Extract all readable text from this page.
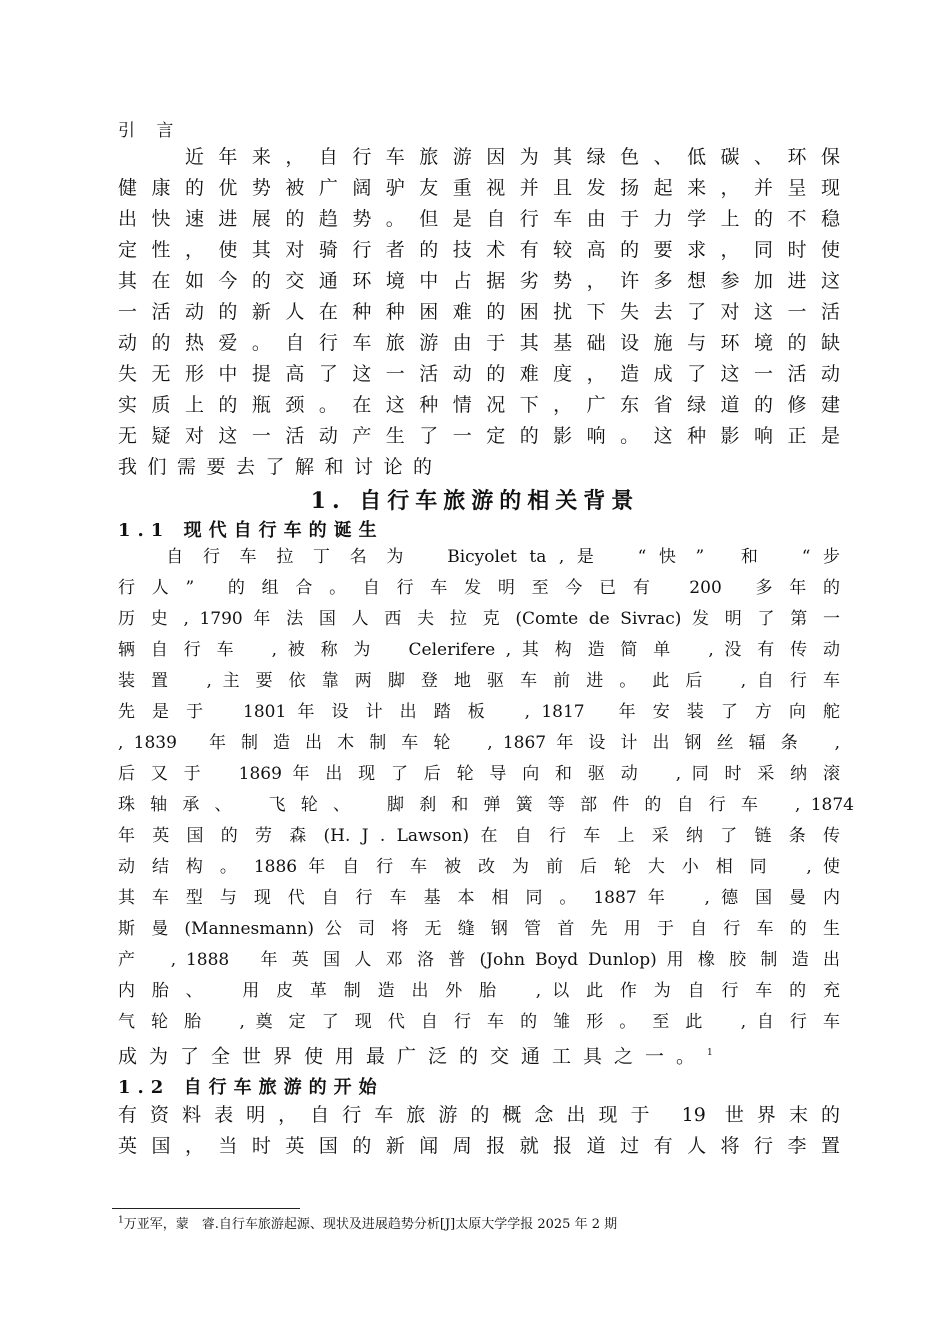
引 言
　　近年来，自行车旅游因为其绿色、低碳、环保
健康的优势被广阔驴友重视并且发扬起来，并呈现
出快速进展的趋势。但是自行车由于力学上的不稳
定性，使其对骑行者的技术有较高的要求，同时使
其在如今的交通环境中占据劣势，许多想参加进这
一活动的新人在种种困难的困扰下失去了对这一活
动的热爱。自行车旅游由于其基础设施与环境的缺
失无形中提高了这一活动的难度，造成了这一活动
实质上的瓶颈。在这种情况下，广东省绿道的修建
无疑对这一活动产生了一定的影响。这种影响正是
我们需要去了解和讨论的
1. 自行车旅游的相关背景
1.1 现代自行车的诞生
　　自 行 车 拉 丁 名 为 　Bicyolet ta , 是 　“ 快 ” 　和 　“ 步
行 人 ” 　的 组 合 。 自 行 车 发 明 至 今 已 有 　200 　多 年 的
历 史 , 1790 年 法 国 人 西 夫 拉 克 (Comte de Sivrac) 发 明 了 第 一
辆 自 行 车 　, 被 称 为 　Celerifere , 其 构 造 简 单 　, 没 有 传 动
装 置 　, 主 要 依 靠 两 脚 登 地 驱 车 前 进 。 此 后 　, 自 行 车
先 是 于 　1801 年 设 计 出 踏 板 　, 1817 　年 安 装 了 方 向 舵
, 1839 　年 制 造 出 木 制 车 轮 　, 1867 年 设 计 出 钢 丝 辐 条 　,
后 又 于 　1869 年 出 现 了 后 轮 导 向 和 驱 动 　, 同 时 采 纳 滚
珠 轴 承 、 　飞 轮 、 　脚 刹 和 弹 簧 等 部 件 的 自 行 车 　, 1874
年 英 国 的 劳 森 (H. J . Lawson) 在 自 行 车 上 采 纳 了 链 条 传
动 结 构 。 1886 年 自 行 车 被 改 为 前 后 轮 大 小 相 同 　, 使
其 车 型 与 现 代 自 行 车 基 本 相 同 。 1887 年 　, 德 国 曼 内
斯 曼 (Mannesmann) 公 司 将 无 缝 钢 管 首 先 用 于 自 行 车 的 生
产 　, 1888 　年 英 国 人 邓 洛 普 (John Boyd Dunlop) 用 橡 胶 制 造 出
内 胎 、 　用 皮 革 制 造 出 外 胎 　, 以 此 作 为 自 行 车 的 充
气 轮 胎 　, 奠 定 了 现 代 自 行 车 的 雏 形 。 至 此 　, 自 行 车
成为了全世界使用最广泛的交通工具之一。$^1$
1.2 自行车旅游的开始
有资料表明，自行车旅游的概念出现于 19 世界末的
英国，当时英国的新闻周报就报道过有人将行李置
$^1$万亚军，蒙　睿.自行车旅游起源、现状及进展趋势分析[J]太原大学学报 2025 年 2 期
